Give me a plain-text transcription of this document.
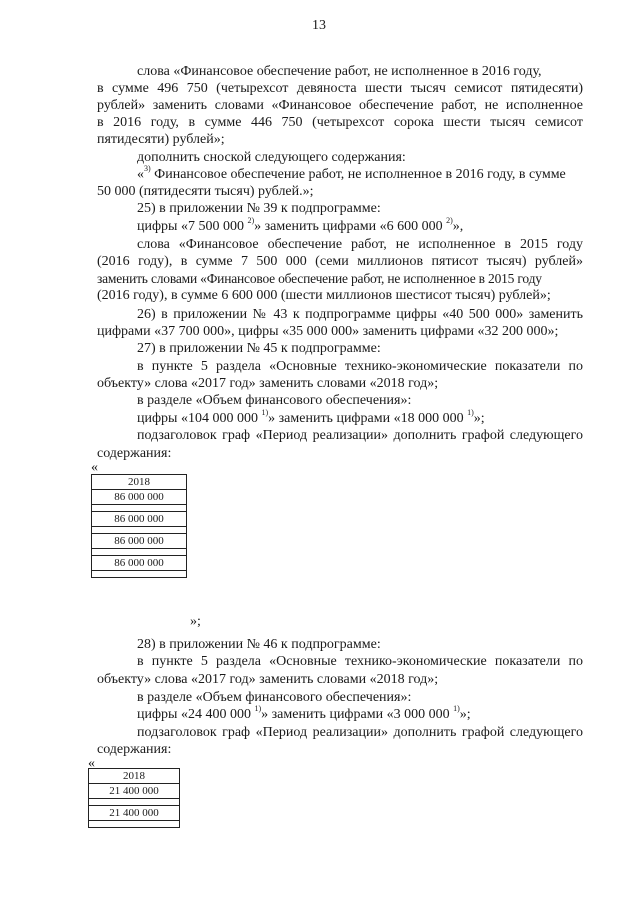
13
слова «Финансовое обеспечение работ, не исполненное в 2016 году,
в сумме 496 750 (четырехсот девяноста шести тысяч семисот пятидесяти)
рублей» заменить словами «Финансовое обеспечение работ, не исполненное
в 2016 году, в сумме 446 750 (четырехсот сорока шести тысяч семисот
пятидесяти) рублей»;
дополнить сноской следующего содержания:
«$^{3)}$ Финансовое обеспечение работ, не исполненное в 2016 году, в сумме
50 000 (пятидесяти тысяч) рублей.»;
25) в приложении № 39 к подпрограмме:
цифры «7 500 000 $^{2)}$» заменить цифрами «6 600 000 $^{2)}$»,
слова «Финансовое обеспечение работ, не исполненное в 2015 году
(2016 году), в сумме 7 500 000 (семи миллионов пятисот тысяч) рублей»
заменить словами «Финансовое обеспечение работ, не исполненное в 2015 году
(2016 году), в сумме 6 600 000 (шести миллионов шестисот тысяч) рублей»;
26) в приложении № 43 к подпрограмме цифры «40 500 000» заменить
цифрами «37 700 000», цифры «35 000 000» заменить цифрами «32 200 000»;
27) в приложении № 45 к подпрограмме:
в пункте 5 раздела «Основные технико-экономические показатели по
объекту» слова «2017 год» заменить словами «2018 год»;
в разделе «Объем финансового обеспечения»:
цифры «104 000 000 $^{1)}$» заменить цифрами «18 000 000 $^{1)}$»;
подзаголовок граф «Период реализации» дополнить графой следующего
содержания:
«
2018
86 000 000

86 000 000

86 000 000

86 000 000

»;
28) в приложении № 46 к подпрограмме:
в пункте 5 раздела «Основные технико-экономические показатели по
объекту» слова «2017 год» заменить словами «2018 год»;
в разделе «Объем финансового обеспечения»:
цифры «24 400 000 $^{1)}$» заменить цифрами «3 000 000 $^{1)}$»;
подзаголовок граф «Период реализации» дополнить графой следующего
содержания:
«
2018
21 400 000

21 400 000
